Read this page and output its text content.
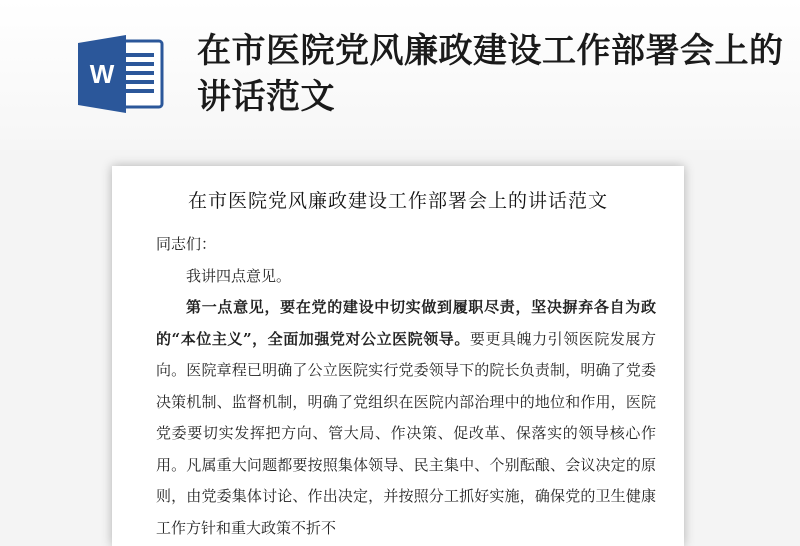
W
在市医院党风廉政建设工作部署会上的讲话范文
在市医院党风廉政建设工作部署会上的讲话范文

同志们：

我讲四点意见。

第一点意见，要在党的建设中切实做到履职尽责，坚决摒弃各自为政的“本位主义”，全面加强党对公立医院领导。要更具魄力引领医院发展方向。医院章程已明确了公立医院实行党委领导下的院长负责制，明确了党委决策机制、监督机制，明确了党组织在医院内部治理中的地位和作用，医院党委要切实发挥把方向、管大局、作决策、促改革、保落实的领导核心作用。凡属重大问题都要按照集体领导、民主集中、个别酝酿、会议决定的原则，由党委集体讨论、作出决定，并按照分工抓好实施，确保党的卫生健康工作方针和重大政策不折不
